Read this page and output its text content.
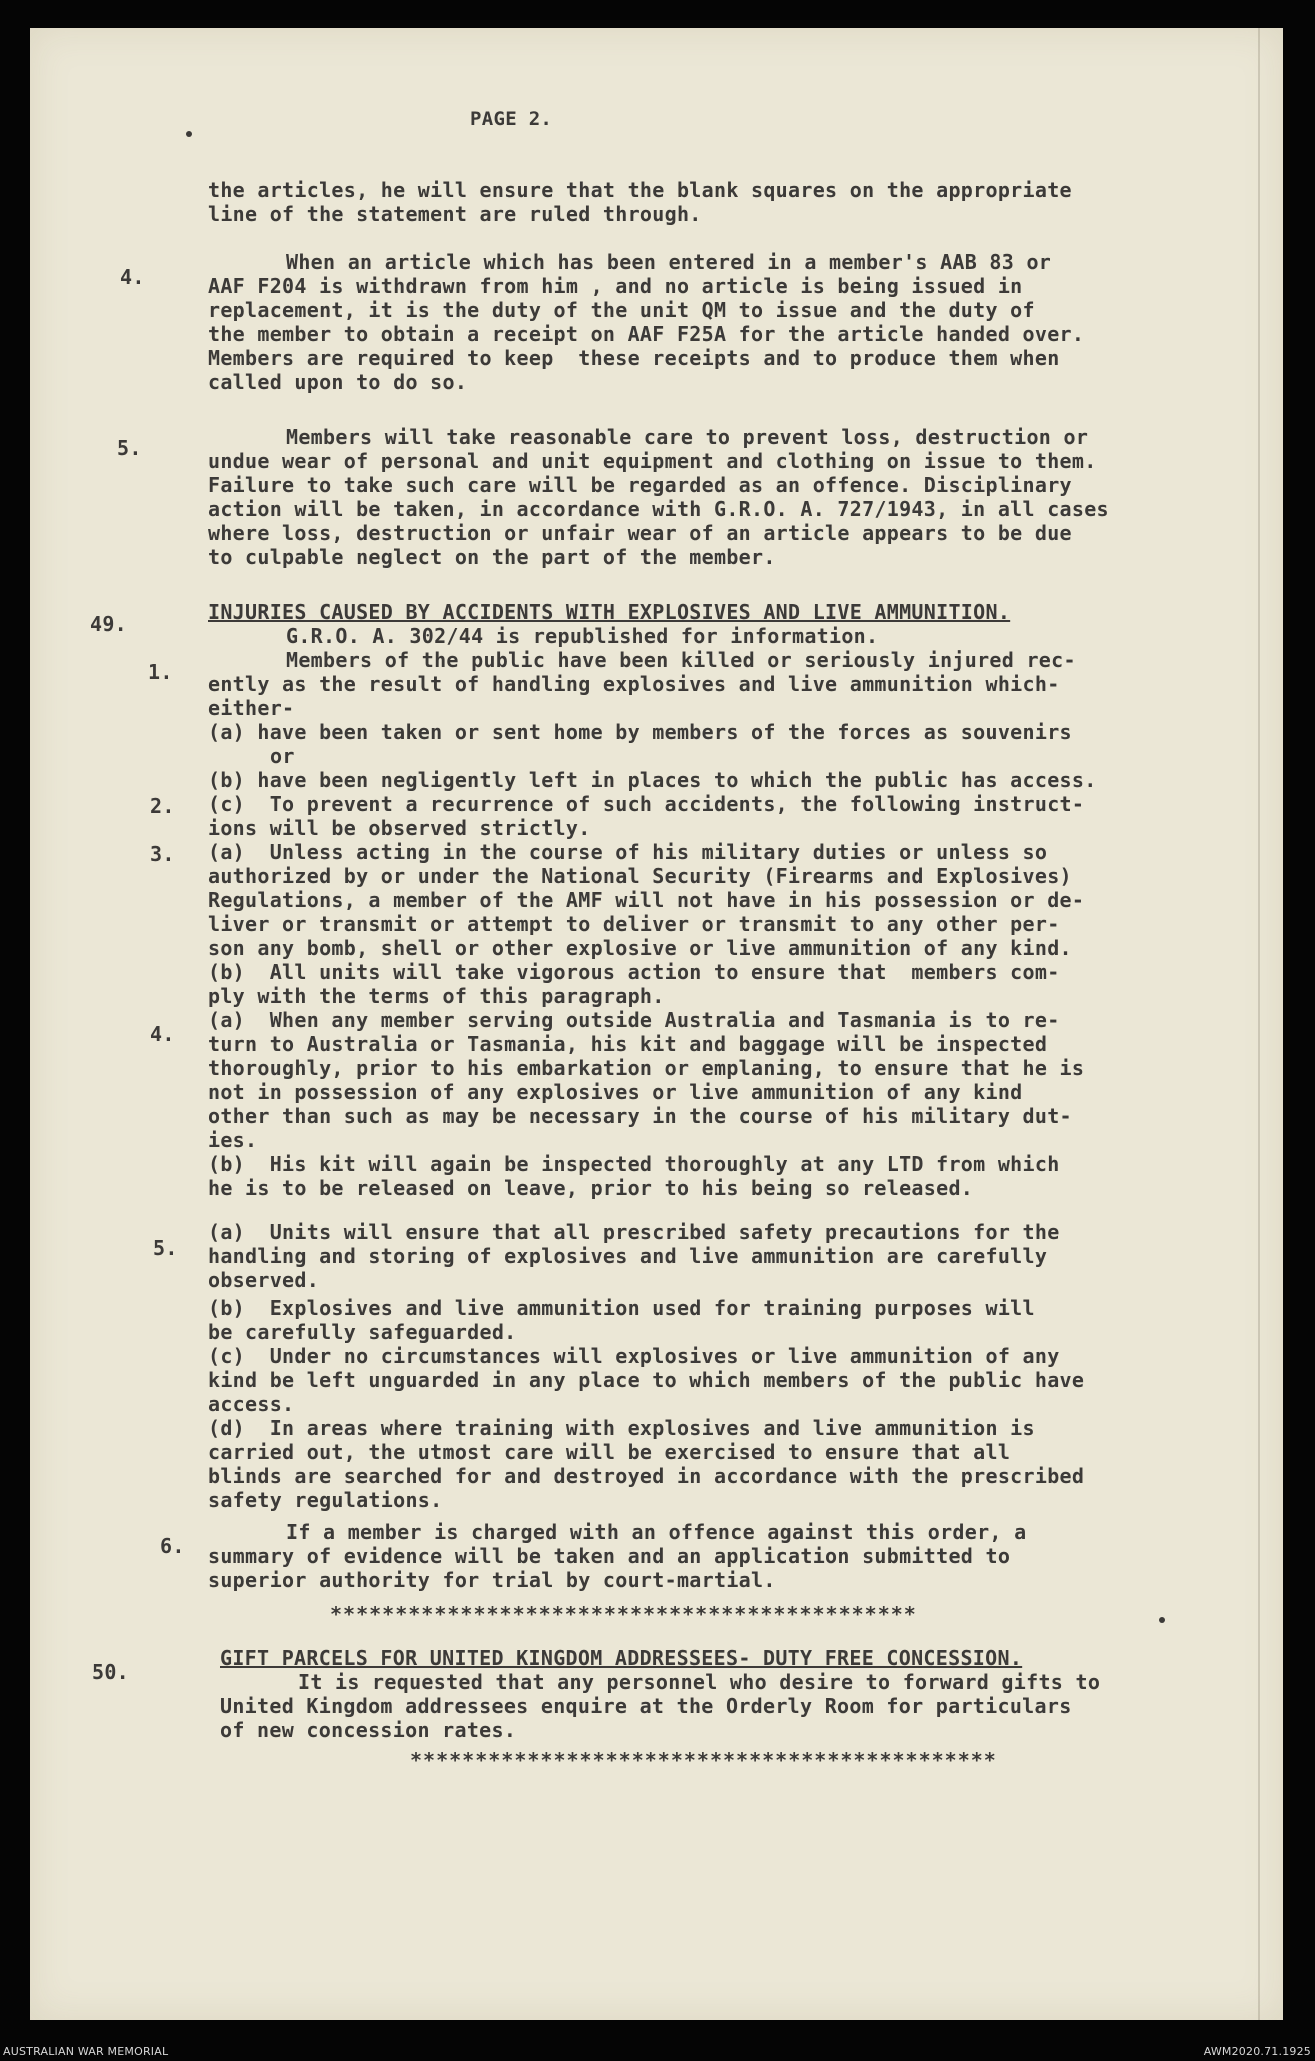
PAGE 2.
the articles, he will ensure that the blank squares on the appropriate
line of the statement are ruled through.
4.
When an article which has been entered in a member's AAB 83 or
AAF F204 is withdrawn from him , and no article is being issued in
replacement, it is the duty of the unit QM to issue and the duty of
the member to obtain a receipt on AAF F25A for the article handed over.
Members are required to keep  these receipts and to produce them when
called upon to do so.
5.	Members will take reasonable care to prevent loss, destruction or
undue wear of personal and unit equipment and clothing on issue to them.
Failure to take such care will be regarded as an offence. Disciplinary
action will be taken, in accordance with G.R.O. A. 727/1943, in all cases
where loss, destruction or unfair wear of an article appears to be due
to culpable neglect on the part of the member.
49.	INJURIES CAUSED BY ACCIDENTS WITH EXPLOSIVES AND LIVE AMMUNITION.
G.R.O. A. 302/44 is republished for information.
1.	Members of the public have been killed or seriously injured rec-
ently as the result of handling explosives and live ammunition which-
either-
(a) have been taken or sent home by members of the forces as souvenirs
or
(b) have been negligently left in places to which the public has access.
2. (c)  To prevent a recurrence of such accidents, the following instruct-
ions will be observed strictly.
3. (a)  Unless acting in the course of his military duties or unless so
authorized by or under the National Security (Firearms and Explosives)
Regulations, a member of the AMF will not have in his possession or de-
liver or transmit or attempt to deliver or transmit to any other per-
son any bomb, shell or other explosive or live ammunition of any kind.
(b)  All units will take vigorous action to ensure that  members com-
ply with the terms of this paragraph.
4.
(a)  When any member serving outside Australia and Tasmania is to re-
turn to Australia or Tasmania, his kit and baggage will be inspected
thoroughly, prior to his embarkation or emplaning, to ensure that he is
not in possession of any explosives or live ammunition of any kind
other than such as may be necessary in the course of his military dut-
ies.
(b)  His kit will again be inspected thoroughly at any LTD from which
he is to be released on leave, prior to his being so released.
5.
(a)  Units will ensure that all prescribed safety precautions for the
handling and storing of explosives and live ammunition are carefully
observed.
(b)  Explosives and live ammunition used for training purposes will
be carefully safeguarded.
(c)  Under no circumstances will explosives or live ammunition of any
kind be left unguarded in any place to which members of the public have
access.
(d)  In areas where training with explosives and live ammunition is
carried out, the utmost care will be exercised to ensure that all
blinds are searched for and destroyed in accordance with the prescribed
safety regulations.
6.
If a member is charged with an offence against this order, a
summary of evidence will be taken and an application submitted to
superior authority for trial by court-martial.
*********************************************
50.
GIFT PARCELS FOR UNITED KINGDOM ADDRESSEES- DUTY FREE CONCESSION.
It is requested that any personnel who desire to forward gifts to
United Kingdom addressees enquire at the Orderly Room for particulars
of new concession rates.
*********************************************
AUSTRALIAN WAR MEMORIAL	AWM2020.71.1925
